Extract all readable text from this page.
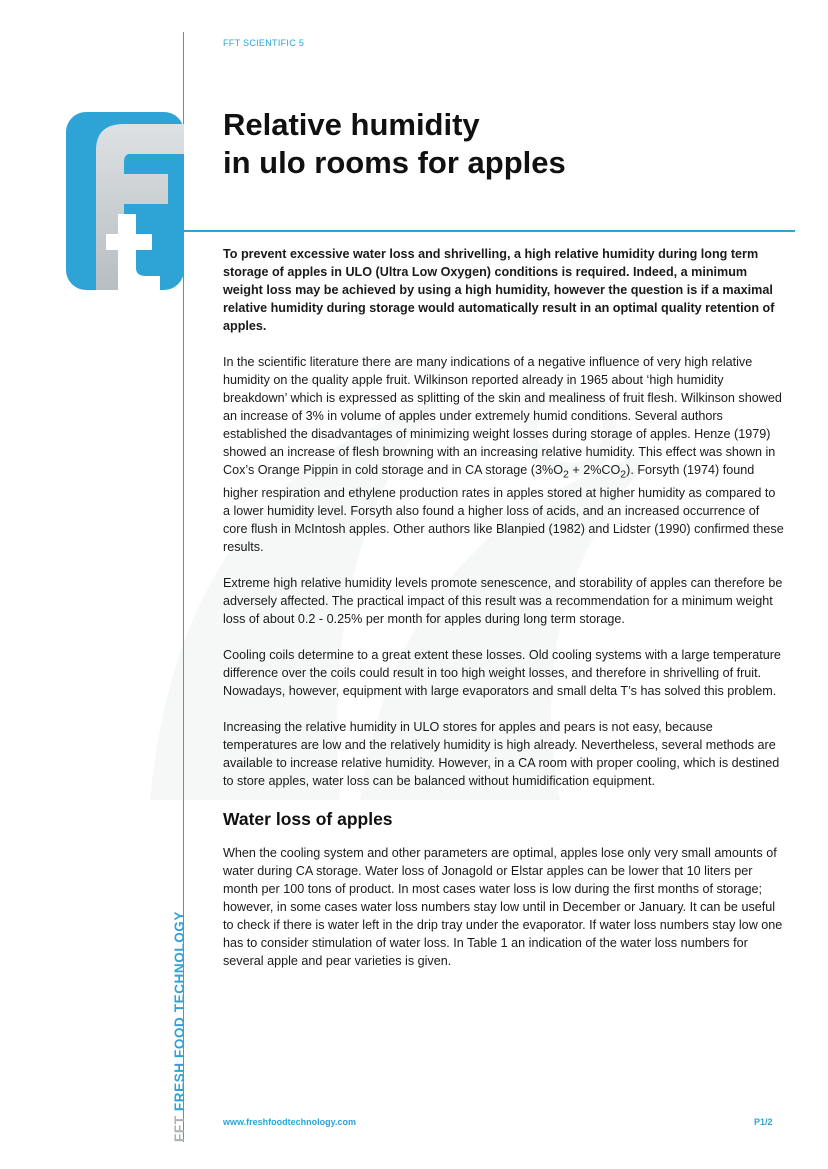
FFT SCIENTIFIC 5
Relative humidity
in ulo rooms for apples

To prevent excessive water loss and shrivelling, a high relative humidity during long term storage of apples in ULO (Ultra Low Oxygen) conditions is required. Indeed, a minimum weight loss may be achieved by using a high humidity, however the question is if a maximal relative humidity during storage would automatically result in an optimal quality retention of apples.

In the scientific literature there are many indications of a negative influence of very high relative humidity on the quality apple fruit. Wilkinson reported already in 1965 about ‘high humidity breakdown’ which is expressed as splitting of the skin and mealiness of fruit flesh. Wilkinson showed an increase of 3% in volume of apples under extremely humid conditions. Several authors established the disadvantages of minimizing weight losses during storage of apples. Henze (1979) showed an increase of flesh browning with an increasing relative humidity. This effect was shown in Cox’s Orange Pippin in cold storage and in CA storage $(3\%O_2 + 2\%CO_2)$. Forsyth (1974) found higher respiration and ethylene production rates in apples stored at higher humidity as compared to a lower humidity level. Forsyth also found a higher loss of acids, and an increased occurrence of core flush in McIntosh apples. Other authors like Blanpied (1982) and Lidster (1990) confirmed these results.

Extreme high relative humidity levels promote senescence, and storability of apples can therefore be adversely affected. The practical impact of this result was a recommendation for a minimum weight loss of about 0.2 - 0.25% per month for apples during long term storage.

Cooling coils determine to a great extent these losses. Old cooling systems with a large temperature difference over the coils could result in too high weight losses, and therefore in shrivelling of fruit. Nowadays, however, equipment with large evaporators and small delta T’s has solved this problem.

Increasing the relative humidity in ULO stores for apples and pears is not easy, because temperatures are low and the relatively humidity is high already. Nevertheless, several methods are available to increase relative humidity. However, in a CA room with proper cooling, which is destined to store apples, water loss can be balanced without humidification equipment.

Water loss of apples

When the cooling system and other parameters are optimal, apples lose only very small amounts of water during CA storage. Water loss of Jonagold or Elstar apples can be lower that 10 liters per month per 100 tons of product. In most cases water loss is low during the first months of storage; however, in some cases water loss numbers stay low until in December or January. It can be useful to check if there is water left in the drip tray under the evaporator. If water loss numbers stay low one has to consider stimulation of water loss. In Table 1 an indication of the water loss numbers for several apple and pear varieties is given.

FFT FRESH FOOD TECHNOLOGY
www.freshfoodtechnology.com	P1/2
